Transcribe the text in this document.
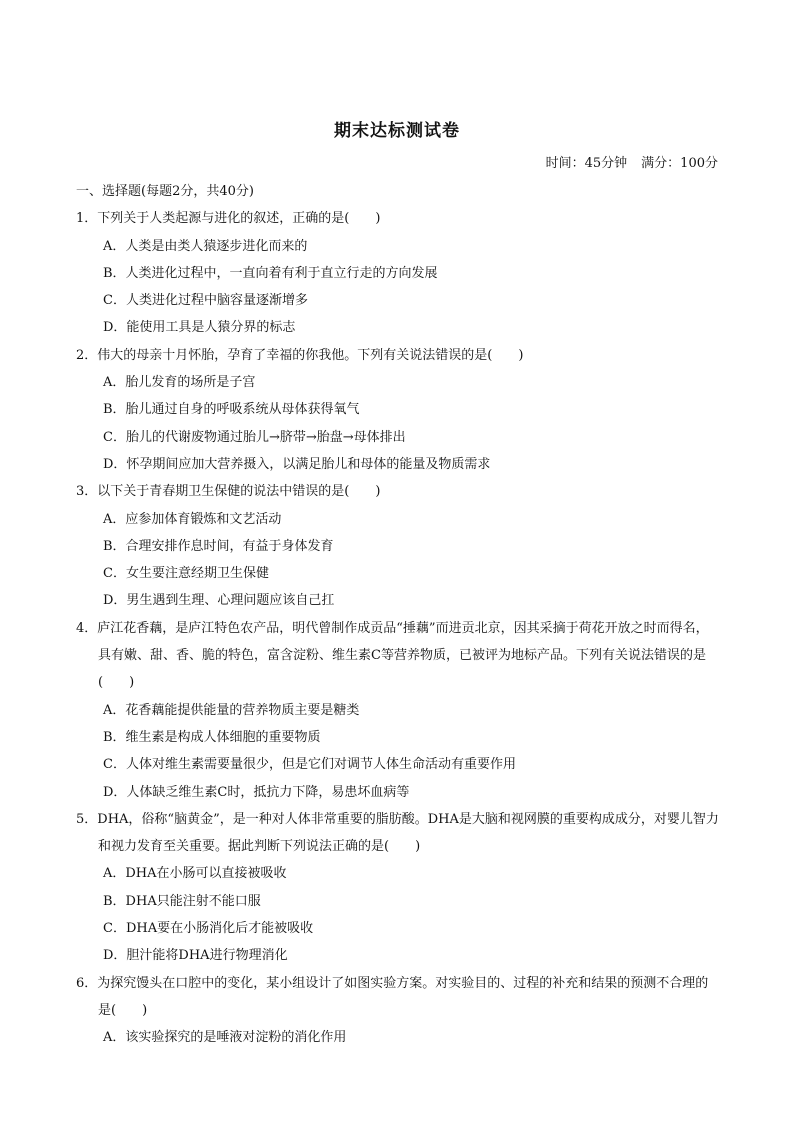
期末达标测试卷
时间：45分钟 满分：100分
一、选择题(每题2分，共40分)
1．下列关于人类起源与进化的叙述，正确的是(　　)
A．人类是由类人猿逐步进化而来的
B．人类进化过程中，一直向着有利于直立行走的方向发展
C．人类进化过程中脑容量逐渐增多
D．能使用工具是人猿分界的标志
2．伟大的母亲十月怀胎，孕育了幸福的你我他。下列有关说法错误的是(　　)
A．胎儿发育的场所是子宫
B．胎儿通过自身的呼吸系统从母体获得氧气
C．胎儿的代谢废物通过胎儿→脐带→胎盘→母体排出
D．怀孕期间应加大营养摄入，以满足胎儿和母体的能量及物质需求
3．以下关于青春期卫生保健的说法中错误的是(　　)
A．应参加体育锻炼和文艺活动
B．合理安排作息时间，有益于身体发育
C．女生要注意经期卫生保健
D．男生遇到生理、心理问题应该自己扛
4．庐江花香藕，是庐江特色农产品，明代曾制作成贡品“捶藕”而进贡北京，因其采摘于荷花开放之时而得名，具有嫩、甜、香、脆的特色，富含淀粉、维生素C等营养物质，已被评为地标产品。下列有关说法错误的是(　　)
A．花香藕能提供能量的营养物质主要是糖类
B．维生素是构成人体细胞的重要物质
C．人体对维生素需要量很少，但是它们对调节人体生命活动有重要作用
D．人体缺乏维生素C时，抵抗力下降，易患坏血病等
5．DHA，俗称“脑黄金”，是一种对人体非常重要的脂肪酸。DHA是大脑和视网膜的重要构成成分，对婴儿智力和视力发育至关重要。据此判断下列说法正确的是(　　)
A．DHA在小肠可以直接被吸收
B．DHA只能注射不能口服
C．DHA要在小肠消化后才能被吸收
D．胆汁能将DHA进行物理消化
6．为探究馒头在口腔中的变化，某小组设计了如图实验方案。对实验目的、过程的补充和结果的预测不合理的是(　　)
A．该实验探究的是唾液对淀粉的消化作用
